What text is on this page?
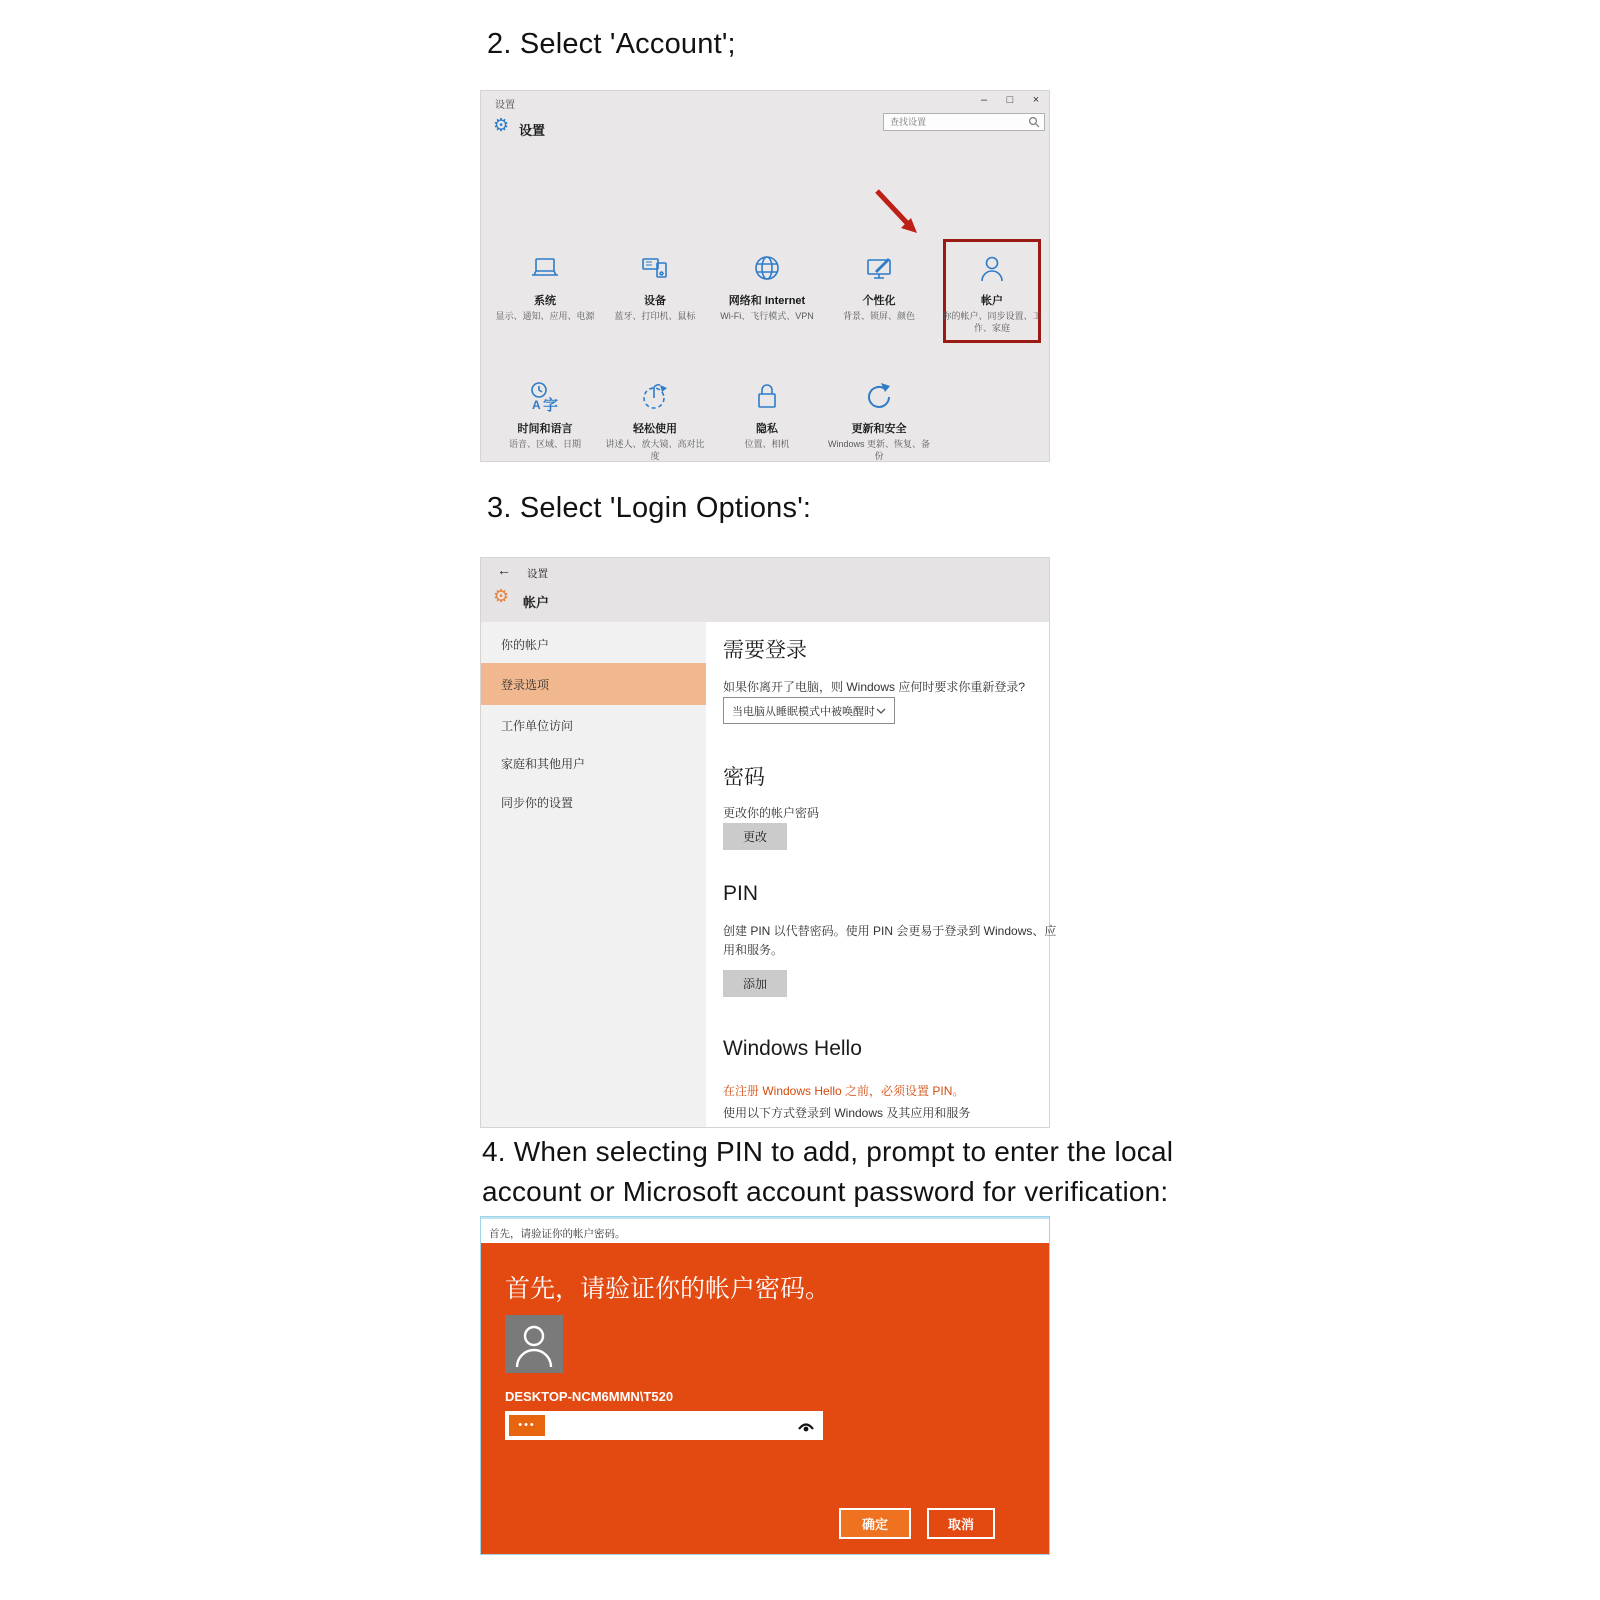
2. Select 'Account';
设置	–	□	×
⚙ 设置
查找设置
系统
显示、通知、应用、电源
设备
蓝牙、打印机、鼠标
网络和 Internet
Wi-Fi、飞行模式、VPN
个性化
背景、锁屏、颜色
帐户
你的帐户、同步设置、工作、家庭
A 字
时间和语言
语音、区域、日期
轻松使用
讲述人、放大镜、高对比度
隐私
位置、相机
更新和安全
Windows 更新、恢复、备份
3. Select 'Login Options':
← 设置
⚙ 帐户
你的帐户
登录选项
工作单位访问
家庭和其他用户
同步你的设置
需要登录
如果你离开了电脑，则 Windows 应何时要求你重新登录?
当电脑从睡眠模式中被唤醒时
密码
更改你的帐户密码
更改
PIN
创建 PIN 以代替密码。使用 PIN 会更易于登录到 Windows、应用和服务。
添加
Windows Hello
在注册 Windows Hello 之前，必须设置 PIN。
使用以下方式登录到 Windows 及其应用和服务
4. When selecting PIN to add, prompt to enter the local
account or Microsoft account password for verification:
首先，请验证你的帐户密码。
首先，请验证你的帐户密码。
DESKTOP-NCM6MMN\T520
•••
确定	取消
